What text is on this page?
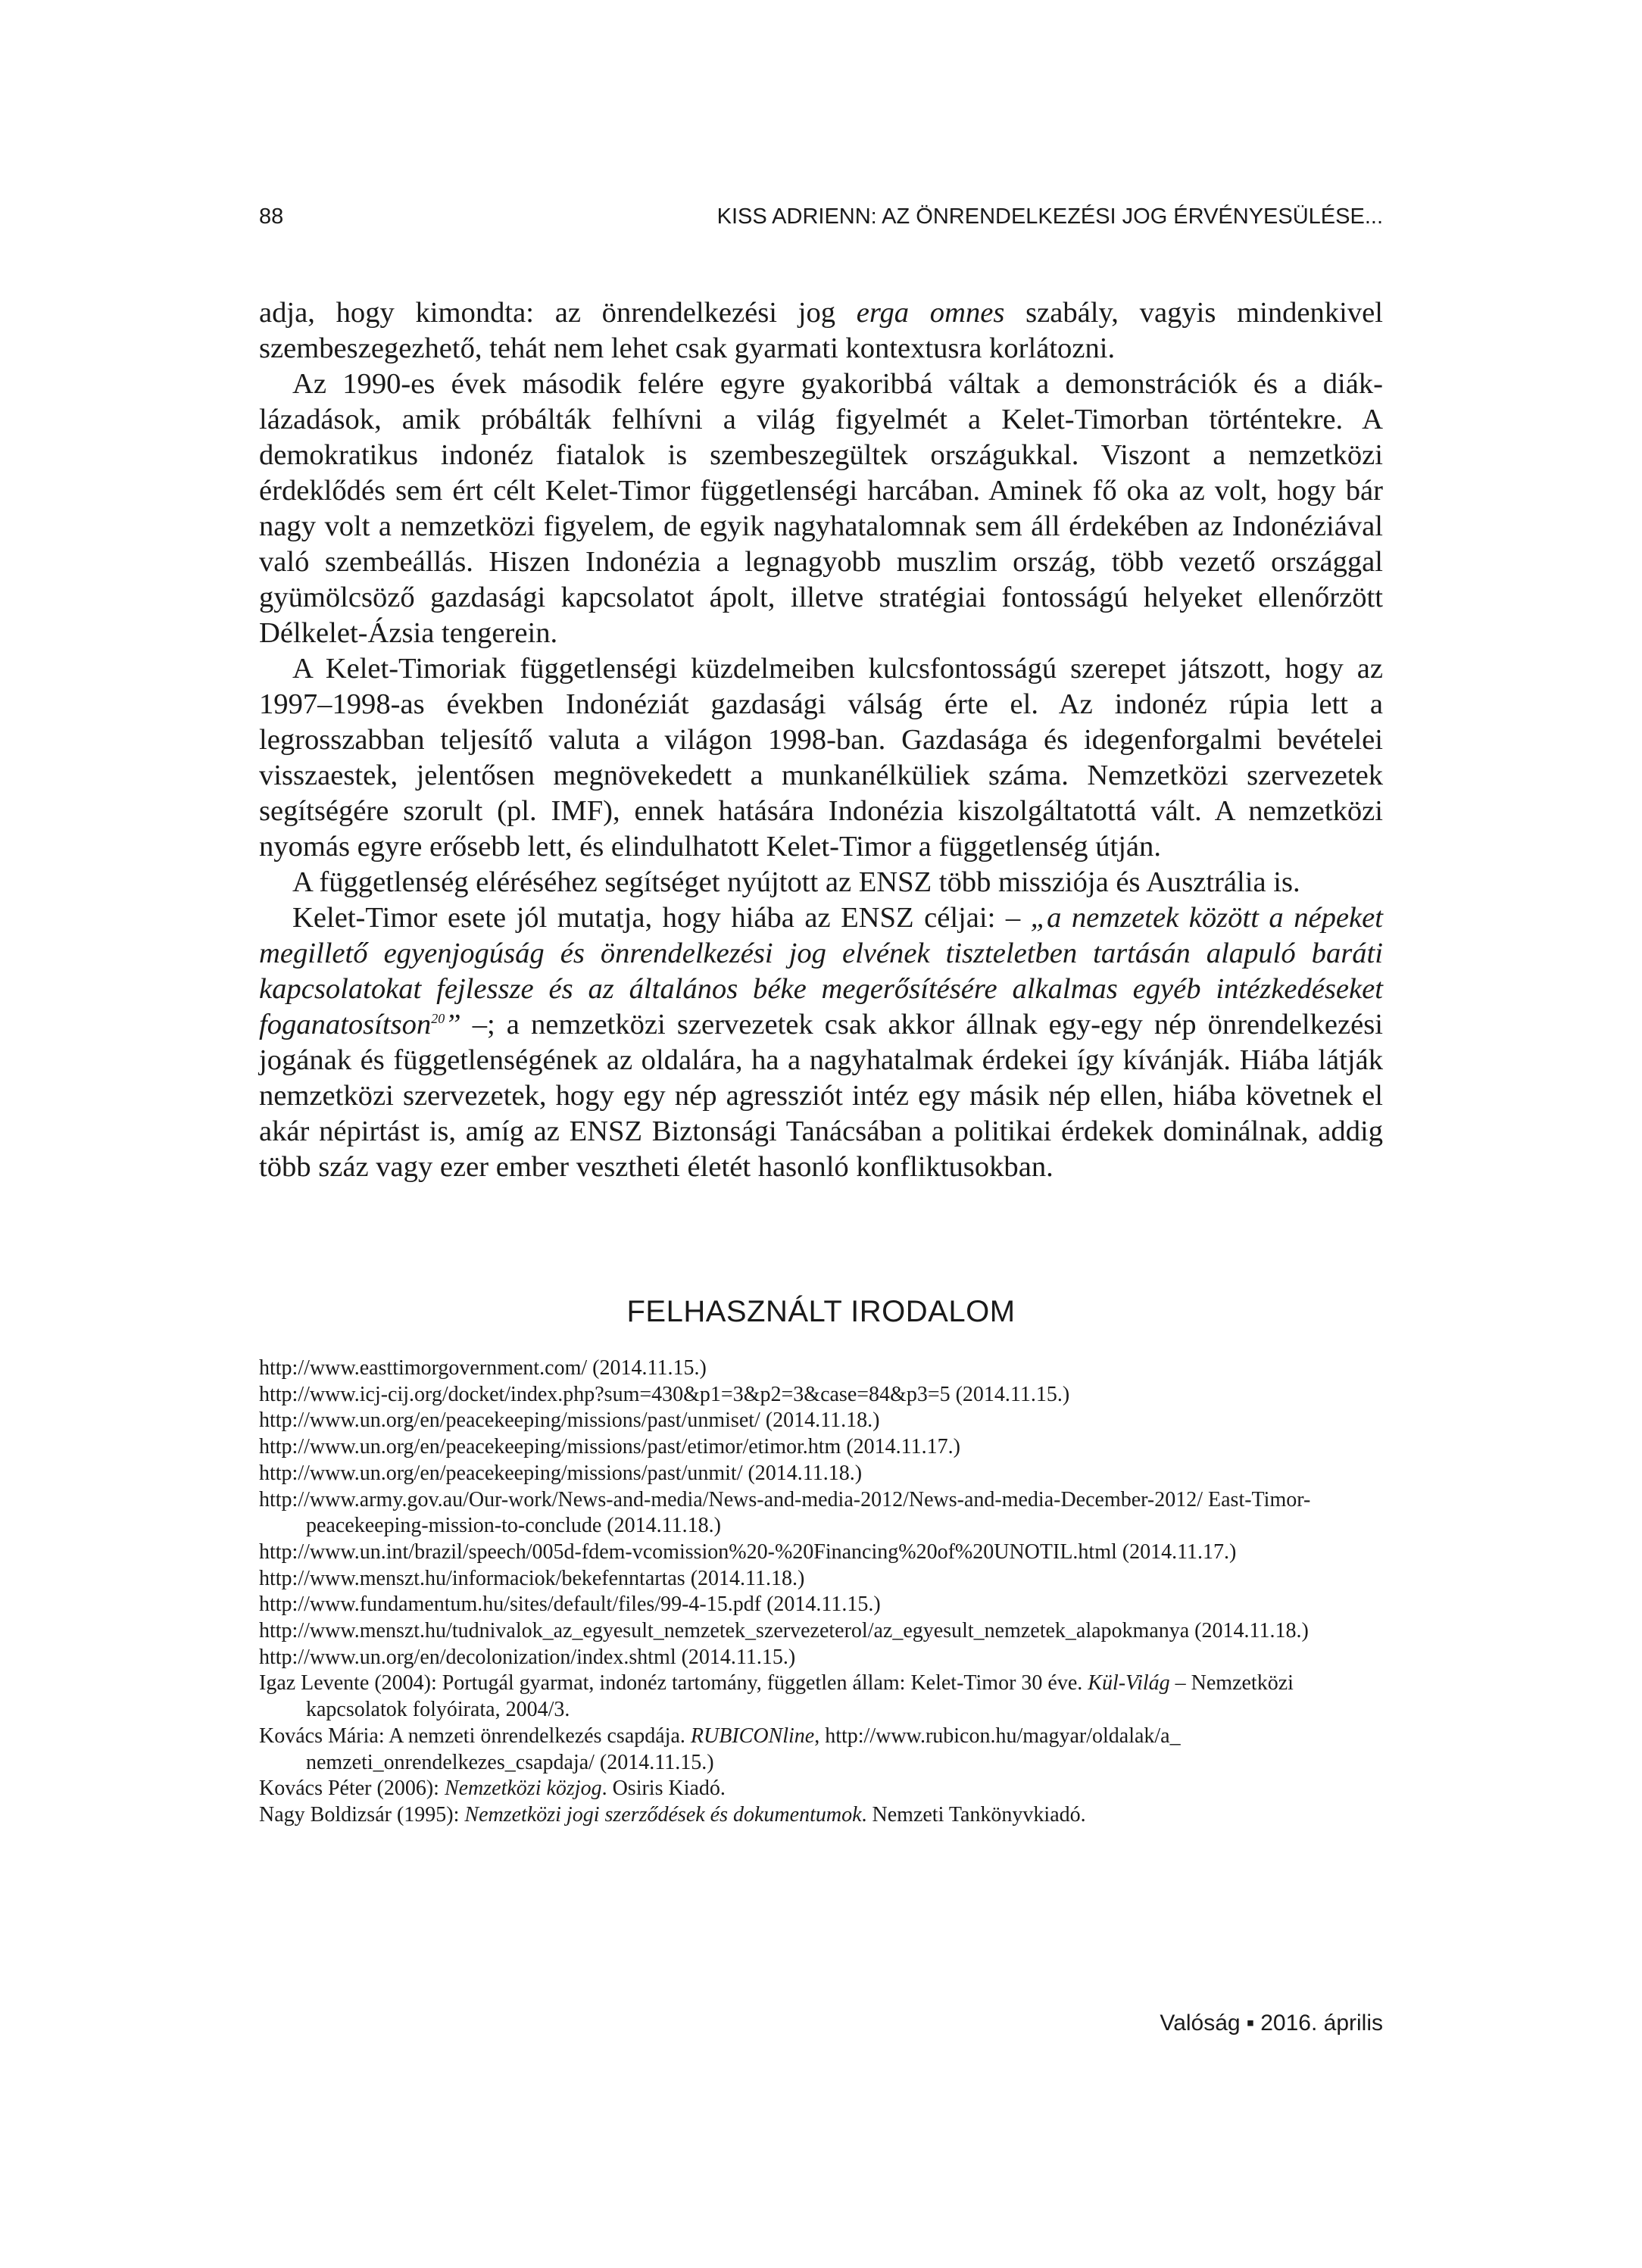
88	KISS ADRIENN: AZ ÖNRENDELKEZÉSI JOG ÉRVÉNYESÜLÉSE...

adja, hogy kimondta: az önrendelkezési jog erga omnes szabály, vagyis mindenkivel szembeszegezhető, tehát nem lehet csak gyarmati kontextusra korlátozni.

Az 1990-es évek második felére egyre gyakoribbá váltak a demonstrációk és a diáklázadások, amik próbálták felhívni a világ figyelmét a Kelet-Timorban történtekre. A demokratikus indonéz fiatalok is szembeszegültek országukkal. Viszont a nemzetközi érdeklődés sem ért célt Kelet-Timor függetlenségi harcában. Aminek fő oka az volt, hogy bár nagy volt a nemzetközi figyelem, de egyik nagyhatalomnak sem áll érdekében az Indonéziával való szembeállás. Hiszen Indonézia a legnagyobb muszlim ország, több vezető országgal gyümölcsöző gazdasági kapcsolatot ápolt, illetve stratégiai fontosságú helyeket ellenőrzött Délkelet-Ázsia tengerein.

A Kelet-Timoriak függetlenségi küzdelmeiben kulcsfontosságú szerepet játszott, hogy az 1997–1998-as években Indonéziát gazdasági válság érte el. Az indonéz rúpia lett a legrosszabban teljesítő valuta a világon 1998-ban. Gazdasága és idegenforgalmi bevételei visszaestek, jelentősen megnövekedett a munkanélküliek száma. Nemzetközi szervezetek segítségére szorult (pl. IMF), ennek hatására Indonézia kiszolgáltatottá vált. A nemzetközi nyomás egyre erősebb lett, és elindulhatott Kelet-Timor a függetlenség útján.

A függetlenség eléréséhez segítséget nyújtott az ENSZ több missziója és Ausztrália is.

Kelet-Timor esete jól mutatja, hogy hiába az ENSZ céljai: – „a nemzetek között a népeket megillető egyenjogúság és önrendelkezési jog elvének tiszteletben tartásán alapuló baráti kapcsolatokat fejlessze és az általános béke megerősítésére alkalmas egyéb intézkedéseket foganatosítson$^{20}$” –; a nemzetközi szervezetek csak akkor állnak egy-egy nép önrendelkezési jogának és függetlenségének az oldalára, ha a nagyhatalmak érdekei így kívánják. Hiába látják nemzetközi szervezetek, hogy egy nép agressziót intéz egy másik nép ellen, hiába követnek el akár népirtást is, amíg az ENSZ Biztonsági Tanácsában a politikai érdekek dominálnak, addig több száz vagy ezer ember vesztheti életét hasonló konfliktusokban.

FELHASZNÁLT IRODALOM
http://www.easttimorgovernment.com/ (2014.11.15.)
http://www.icj-cij.org/docket/index.php?sum=430&p1=3&p2=3&case=84&p3=5 (2014.11.15.)
http://www.un.org/en/peacekeeping/missions/past/unmiset/ (2014.11.18.)
http://www.un.org/en/peacekeeping/missions/past/etimor/etimor.htm (2014.11.17.)
http://www.un.org/en/peacekeeping/missions/past/unmit/ (2014.11.18.)
http://www.army.gov.au/Our-work/News-and-media/News-and-media-2012/News-and-media-December-2012/ East-Timor-peacekeeping-mission-to-conclude (2014.11.18.)
http://www.un.int/brazil/speech/005d-fdem-vcomission%20-%20Financing%20of%20UNOTIL.html (2014.11.17.)
http://www.menszt.hu/informaciok/bekefenntartas (2014.11.18.)
http://www.fundamentum.hu/sites/default/files/99-4-15.pdf (2014.11.15.)
http://www.menszt.hu/tudnivalok_az_egyesult_nemzetek_szervezeterol/az_egyesult_nemzetek_alapokmanya (2014.11.18.)
http://www.un.org/en/decolonization/index.shtml (2014.11.15.)
Igaz Levente (2004): Portugál gyarmat, indonéz tartomány, független állam: Kelet-Timor 30 éve. Kül-Világ – Nemzetközi kapcsolatok folyóirata, 2004/3.
Kovács Mária: A nemzeti önrendelkezés csapdája. RUBICONline, http://www.rubicon.hu/magyar/oldalak/a_ nemzeti_onrendelkezes_csapdaja/ (2014.11.15.)
Kovács Péter (2006): Nemzetközi közjog. Osiris Kiadó.
Nagy Boldizsár (1995): Nemzetközi jogi szerződések és dokumentumok. Nemzeti Tankönyvkiadó.
Valóság ▪ 2016. április
